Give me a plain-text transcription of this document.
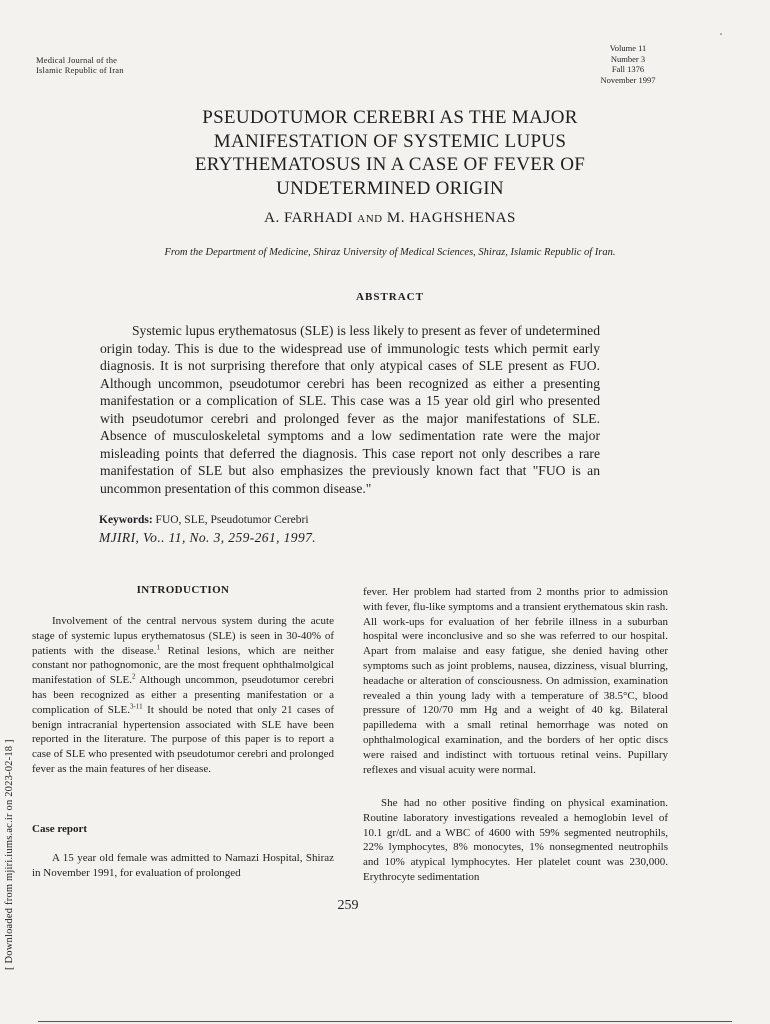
Medical Journal of the
Islamic Republic of Iran
Volume 11
Number 3
Fall 1376
November 1997
PSEUDOTUMOR CEREBRI AS THE MAJOR
MANIFESTATION OF SYSTEMIC LUPUS
ERYTHEMATOSUS IN A CASE OF FEVER OF
UNDETERMINED ORIGIN
A. FARHADI AND M. HAGHSHENAS
From the Department of Medicine, Shiraz University of Medical Sciences, Shiraz, Islamic Republic of Iran.
ABSTRACT

Systemic lupus erythematosus (SLE) is less likely to present as fever of undetermined origin today. This is due to the widespread use of immunologic tests which permit early diagnosis. It is not surprising therefore that only atypical cases of SLE present as FUO. Although uncommon, pseudotumor cerebri has been recognized as either a presenting manifestation or a complication of SLE. This case was a 15 year old girl who presented with pseudotumor cerebri and prolonged fever as the major manifestations of SLE. Absence of musculoskeletal symptoms and a low sedimentation rate were the major misleading points that deferred the diagnosis. This case report not only describes a rare manifestation of SLE but also emphasizes the previously known fact that "FUO is an uncommon presentation of this common disease."

Keywords: FUO, SLE, Pseudotumor Cerebri
MJIRI, Vo.. 11, No. 3, 259-261, 1997.
INTRODUCTION

Involvement of the central nervous system during the acute stage of systemic lupus erythematosus (SLE) is seen in 30-40% of patients with the disease.$^1$ Retinal lesions, which are neither constant nor pathognomonic, are the most frequent ophthalmolgical manifestation of SLE.$^2$ Although uncommon, pseudotumor cerebri has been recognized as either a presenting manifestation or a complication of SLE.$^{3-11}$ It should be noted that only 21 cases of benign intracranial hypertension associated with SLE have been reported in the literature. The purpose of this paper is to report a case of SLE who presented with pseudotumor cerebri and prolonged fever as the main features of her disease.

Case report

A 15 year old female was admitted to Namazi Hospital, Shiraz in November 1991, for evaluation of prolonged

fever. Her problem had started from 2 months prior to admission with fever, flu-like symptoms and a transient erythematous skin rash. All work-ups for evaluation of her febrile illness in a suburban hospital were inconclusive and so she was referred to our hospital. Apart from malaise and easy fatigue, she denied having other symptoms such as joint problems, nausea, dizziness, visual blurring, headache or alteration of consciousness. On admission, examination revealed a thin young lady with a temperature of 38.5°C, blood pressure of 120/70 mm Hg and a weight of 40 kg. Bilateral papilledema with a small retinal hemorrhage was noted on ophthalmological examination, and the borders of her optic discs were raised and indistinct with tortuous retinal veins. Pupillary reflexes and visual acuity were normal.

She had no other positive finding on physical examination. Routine laboratory investigations revealed a hemoglobin level of 10.1 gr/dL and a WBC of 4600 with 59% segmented neutrophils, 22% lymphocytes, 8% monocytes, 1% nonsegmented neutrophils and 10% atypical lymphocytes. Her platelet count was 230,000. Erythrocyte sedimentation

259
[ Downloaded from mjiri.iums.ac.ir on 2023-02-18 ]
